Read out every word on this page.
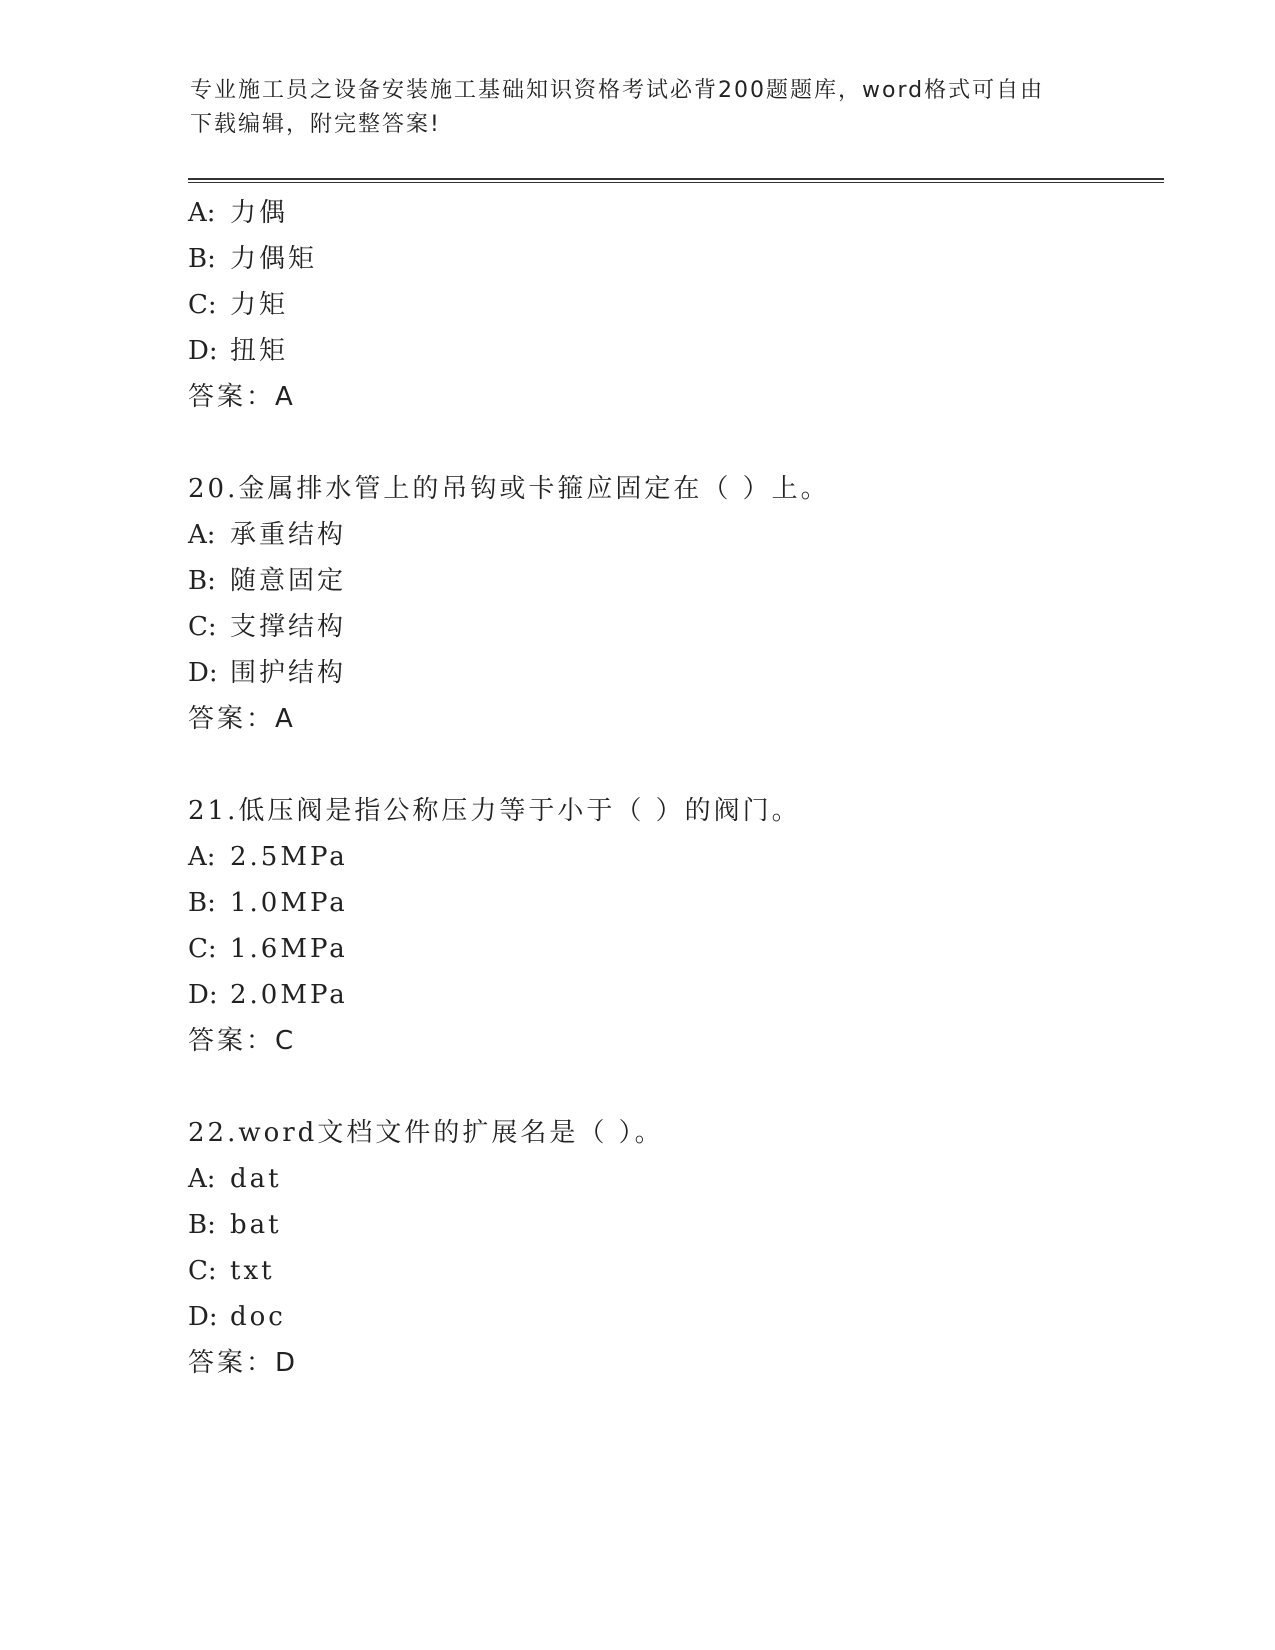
专业施工员之设备安装施工基础知识资格考试必背200题题库，word格式可自由
下载编辑，附完整答案!
A: 力偶
B: 力偶矩
C: 力矩
D: 扭矩
答案：A
20.金属排水管上的吊钩或卡箍应固定在（ ）上。
A: 承重结构
B: 随意固定
C: 支撑结构
D: 围护结构
答案：A
21.低压阀是指公称压力等于小于（ ）的阀门。
A: 2.5MPa
B: 1.0MPa
C: 1.6MPa
D: 2.0MPa
答案：C
22.word文档文件的扩展名是（ ）。
A: dat
B: bat
C: txt
D: doc
答案：D
